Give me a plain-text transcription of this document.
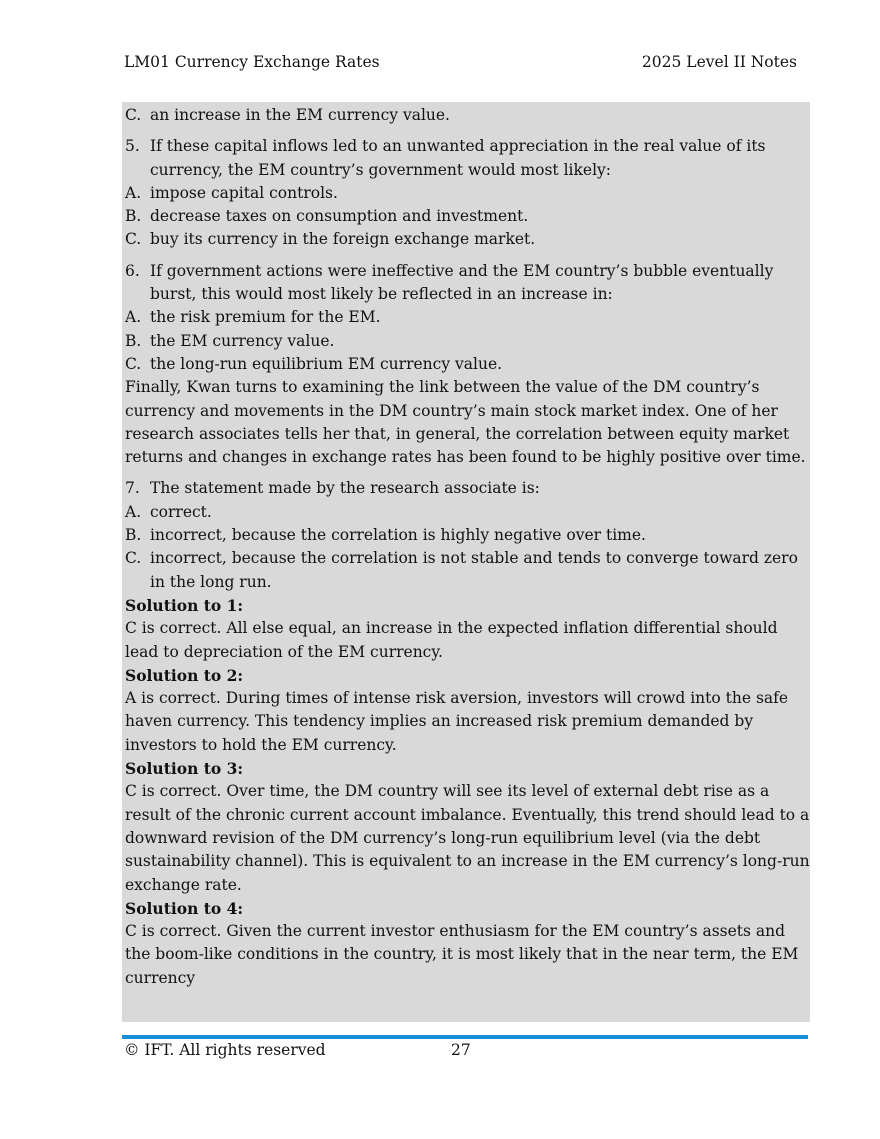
LM01 Currency Exchange Rates	2025 Level II Notes
C. an increase in the EM currency value.
5. If these capital inflows led to an unwanted appreciation in the real value of its currency, the EM country’s government would most likely:
A. impose capital controls.
B. decrease taxes on consumption and investment.
C. buy its currency in the foreign exchange market.
6. If government actions were ineffective and the EM country’s bubble eventually burst, this would most likely be reflected in an increase in:
A. the risk premium for the EM.
B. the EM currency value.
C. the long-run equilibrium EM currency value.

Finally, Kwan turns to examining the link between the value of the DM country’s currency and movements in the DM country’s main stock market index. One of her research associates tells her that, in general, the correlation between equity market returns and changes in exchange rates has been found to be highly positive over time.

7. The statement made by the research associate is:
A. correct.
B. incorrect, because the correlation is highly negative over time.
C. incorrect, because the correlation is not stable and tends to converge toward zero in the long run.

Solution to 1:

C is correct. All else equal, an increase in the expected inflation differential should lead to depreciation of the EM currency.

Solution to 2:

A is correct. During times of intense risk aversion, investors will crowd into the safe haven currency. This tendency implies an increased risk premium demanded by investors to hold the EM currency.

Solution to 3:

C is correct. Over time, the DM country will see its level of external debt rise as a result of the chronic current account imbalance. Eventually, this trend should lead to a downward revision of the DM currency’s long-run equilibrium level (via the debt sustainability channel). This is equivalent to an increase in the EM currency’s long-run exchange rate.

Solution to 4:

C is correct. Given the current investor enthusiasm for the EM country’s assets and the boom-like conditions in the country, it is most likely that in the near term, the EM currency

© IFT. All rights reserved	27
